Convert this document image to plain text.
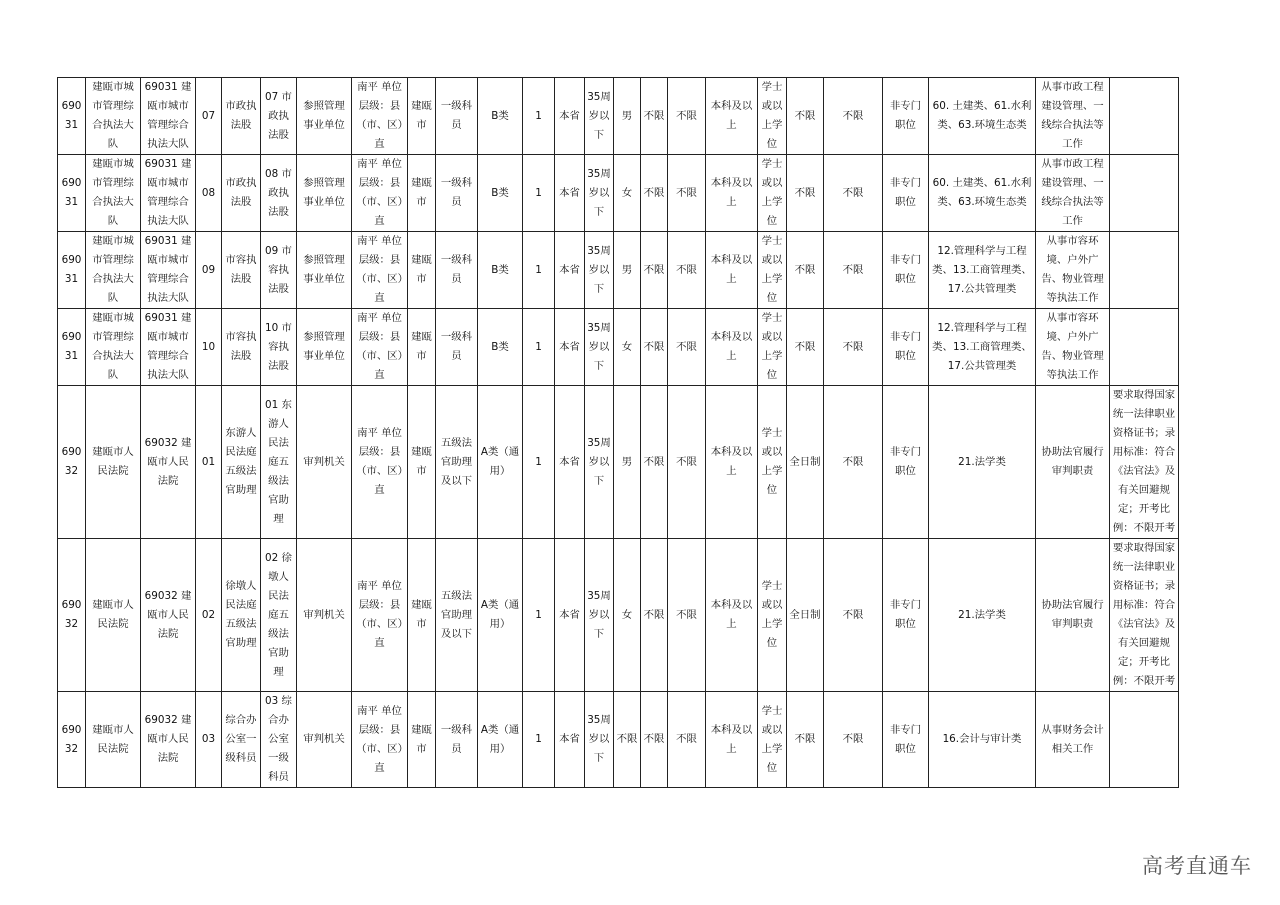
69031	建瓯市城市管理综合执法大队	69031 建瓯市城市管理综合执法大队	07	市政执法股	07 市政执法股	参照管理事业单位	南平 单位层级：县（市、区）直	建瓯市	一级科员	B类	1	本省	35周岁以下	男	不限	不限	本科及以上	学士或以上学位	不限	不限	非专门职位	60. 土建类、61.水利类、63.环境生态类	从事市政工程建设管理、一线综合执法等工作	
69031	建瓯市城市管理综合执法大队	69031 建瓯市城市管理综合执法大队	08	市政执法股	08 市政执法股	参照管理事业单位	南平 单位层级：县（市、区）直	建瓯市	一级科员	B类	1	本省	35周岁以下	女	不限	不限	本科及以上	学士或以上学位	不限	不限	非专门职位	60. 土建类、61.水利类、63.环境生态类	从事市政工程建设管理、一线综合执法等工作	
69031	建瓯市城市管理综合执法大队	69031 建瓯市城市管理综合执法大队	09	市容执法股	09 市容执法股	参照管理事业单位	南平 单位层级：县（市、区）直	建瓯市	一级科员	B类	1	本省	35周岁以下	男	不限	不限	本科及以上	学士或以上学位	不限	不限	非专门职位	12.管理科学与工程类、13.工商管理类、17.公共管理类	从事市容环境、户外广告、物业管理等执法工作	
69031	建瓯市城市管理综合执法大队	69031 建瓯市城市管理综合执法大队	10	市容执法股	10 市容执法股	参照管理事业单位	南平 单位层级：县（市、区）直	建瓯市	一级科员	B类	1	本省	35周岁以下	女	不限	不限	本科及以上	学士或以上学位	不限	不限	非专门职位	12.管理科学与工程类、13.工商管理类、17.公共管理类	从事市容环境、户外广告、物业管理等执法工作	
69032	建瓯市人民法院	69032 建瓯市人民法院	01	东游人民法庭五级法官助理	01 东游人民法庭五级法官助理	审判机关	南平 单位层级：县（市、区）直	建瓯市	五级法官助理及以下	A类（通用）	1	本省	35周岁以下	男	不限	不限	本科及以上	学士或以上学位	全日制	不限	非专门职位	21.法学类	协助法官履行审判职责	要求取得国家统一法律职业资格证书；录用标准：符合《法官法》及有关回避规定；开考比例：不限开考
69032	建瓯市人民法院	69032 建瓯市人民法院	02	徐墩人民法庭五级法官助理	02 徐墩人民法庭五级法官助理	审判机关	南平 单位层级：县（市、区）直	建瓯市	五级法官助理及以下	A类（通用）	1	本省	35周岁以下	女	不限	不限	本科及以上	学士或以上学位	全日制	不限	非专门职位	21.法学类	协助法官履行审判职责	要求取得国家统一法律职业资格证书；录用标准：符合《法官法》及有关回避规定；开考比例：不限开考
69032	建瓯市人民法院	69032 建瓯市人民法院	03	综合办公室一级科员	03 综合办公室一级科员	审判机关	南平 单位层级：县（市、区）直	建瓯市	一级科员	A类（通用）	1	本省	35周岁以下	不限	不限	不限	本科及以上	学士或以上学位	不限	不限	非专门职位	16.会计与审计类	从事财务会计相关工作	
高考直通车
